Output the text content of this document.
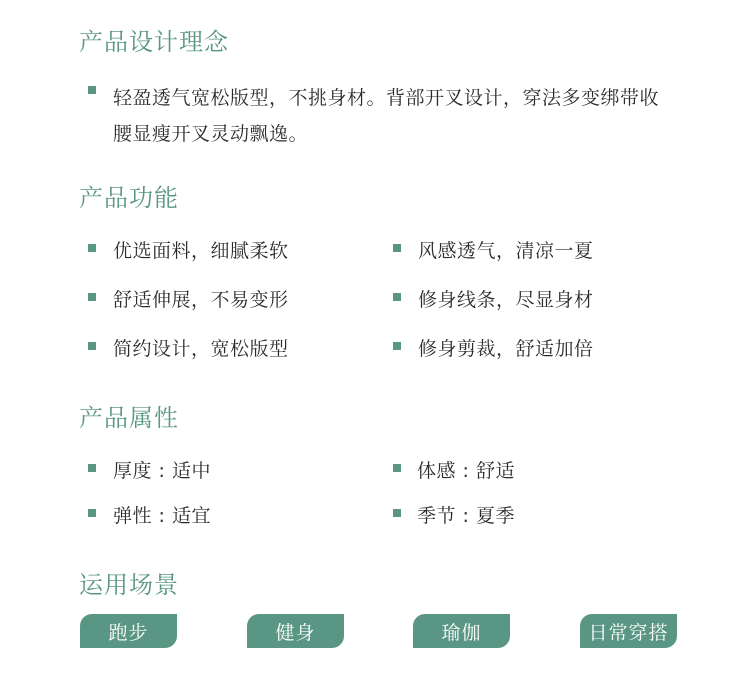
产品设计理念
轻盈透气宽松版型，不挑身材。背部开叉设计，穿法多变绑带收腰显瘦开叉灵动飘逸。
产品功能
优选面料，细腻柔软	风感透气，清凉一夏
舒适伸展，不易变形	修身线条，尽显身材
简约设计，宽松版型	修身剪裁，舒适加倍
产品属性
厚度 : 适中	体感 : 舒适
弹性 : 适宜	季节 : 夏季
运用场景
跑步	健身	瑜伽	日常穿搭
